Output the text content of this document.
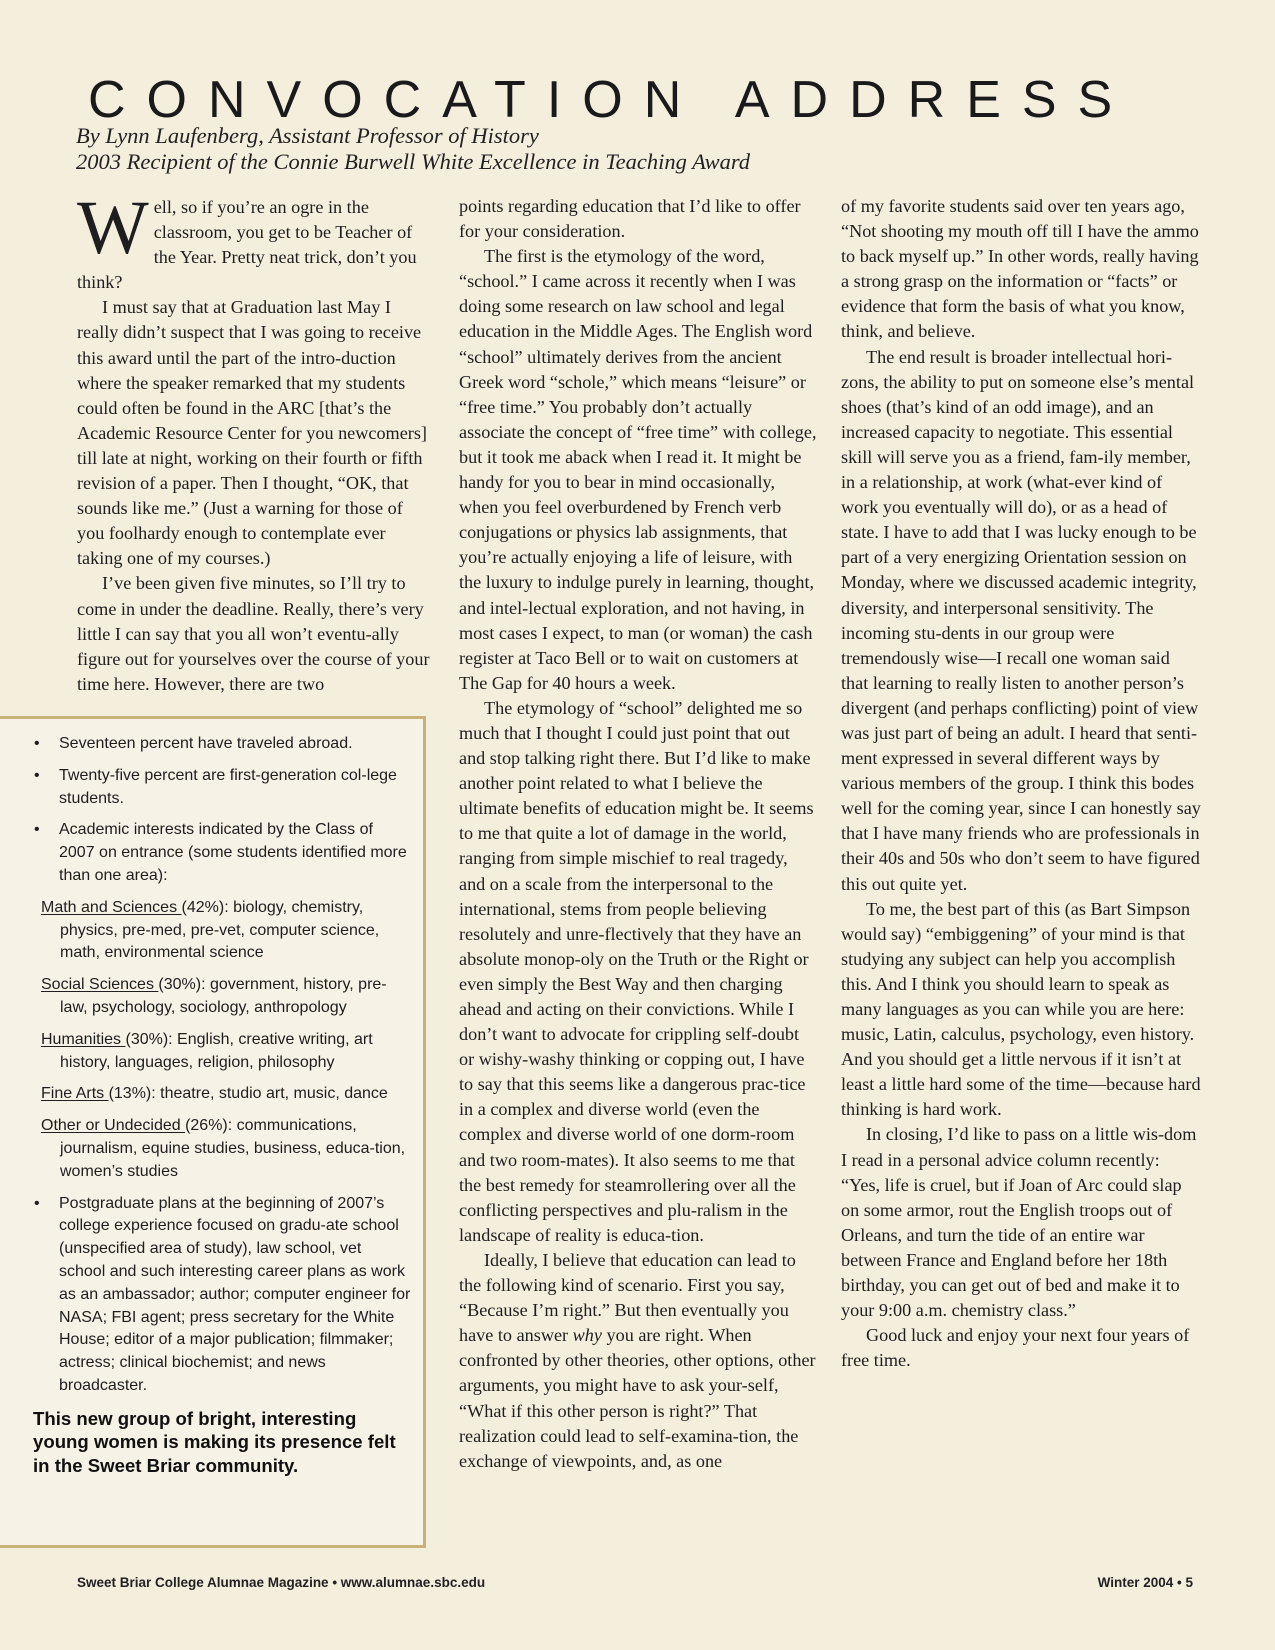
CONVOCATION ADDRESS
By Lynn Laufenberg, Assistant Professor of History
2003 Recipient of the Connie Burwell White Excellence in Teaching Award

Well, so if you’re an ogre in the classroom, you get to be Teacher of the Year. Pretty neat trick, don’t you think?

I must say that at Graduation last May I really didn’t suspect that I was going to receive this award until the part of the intro-duction where the speaker remarked that my students could often be found in the ARC [that’s the Academic Resource Center for you newcomers] till late at night, working on their fourth or fifth revision of a paper. Then I thought, “OK, that sounds like me.” (Just a warning for those of you foolhardy enough to contemplate ever taking one of my courses.)

I’ve been given five minutes, so I’ll try to come in under the deadline. Really, there’s very little I can say that you all won’t eventu-ally figure out for yourselves over the course of your time here. However, there are two

points regarding education that I’d like to offer for your consideration.

The first is the etymology of the word, “school.” I came across it recently when I was doing some research on law school and legal education in the Middle Ages. The English word “school” ultimately derives from the ancient Greek word “schole,” which means “leisure” or “free time.” You probably don’t actually associate the concept of “free time” with college, but it took me aback when I read it. It might be handy for you to bear in mind occasionally, when you feel overburdened by French verb conjugations or physics lab assignments, that you’re actually enjoying a life of leisure, with the luxury to indulge purely in learning, thought, and intel-lectual exploration, and not having, in most cases I expect, to man (or woman) the cash register at Taco Bell or to wait on customers at The Gap for 40 hours a week.

The etymology of “school” delighted me so much that I thought I could just point that out and stop talking right there. But I’d like to make another point related to what I believe the ultimate benefits of education might be. It seems to me that quite a lot of damage in the world, ranging from simple mischief to real tragedy, and on a scale from the interpersonal to the international, stems from people believing resolutely and unre-flectively that they have an absolute monop-oly on the Truth or the Right or even simply the Best Way and then charging ahead and acting on their convictions. While I don’t want to advocate for crippling self-doubt or wishy-washy thinking or copping out, I have to say that this seems like a dangerous prac-tice in a complex and diverse world (even the complex and diverse world of one dorm-room and two room-mates). It also seems to me that the best remedy for steamrollering over all the conflicting perspectives and plu-ralism in the landscape of reality is educa-tion.

Ideally, I believe that education can lead to the following kind of scenario. First you say, “Because I’m right.” But then eventually you have to answer why you are right. When confronted by other theories, other options, other arguments, you might have to ask your-self, “What if this other person is right?” That realization could lead to self-examina-tion, the exchange of viewpoints, and, as one

of my favorite students said over ten years ago, “Not shooting my mouth off till I have the ammo to back myself up.” In other words, really having a strong grasp on the information or “facts” or evidence that form the basis of what you know, think, and believe.

The end result is broader intellectual hori-zons, the ability to put on someone else’s mental shoes (that’s kind of an odd image), and an increased capacity to negotiate. This essential skill will serve you as a friend, fam-ily member, in a relationship, at work (what-ever kind of work you eventually will do), or as a head of state. I have to add that I was lucky enough to be part of a very energizing Orientation session on Monday, where we discussed academic integrity, diversity, and interpersonal sensitivity. The incoming stu-dents in our group were tremendously wise—I recall one woman said that learning to really listen to another person’s divergent (and perhaps conflicting) point of view was just part of being an adult. I heard that senti-ment expressed in several different ways by various members of the group. I think this bodes well for the coming year, since I can honestly say that I have many friends who are professionals in their 40s and 50s who don’t seem to have figured this out quite yet.

To me, the best part of this (as Bart Simpson would say) “embiggening” of your mind is that studying any subject can help you accomplish this. And I think you should learn to speak as many languages as you can while you are here: music, Latin, calculus, psychology, even history. And you should get a little nervous if it isn’t at least a little hard some of the time—because hard thinking is hard work.

In closing, I’d like to pass on a little wis-dom I read in a personal advice column recently: “Yes, life is cruel, but if Joan of Arc could slap on some armor, rout the English troops out of Orleans, and turn the tide of an entire war between France and England before her 18th birthday, you can get out of bed and make it to your 9:00 a.m. chemistry class.”

Good luck and enjoy your next four years of free time.

• Seventeen percent have traveled abroad.
• Twenty-five percent are first-generation col-lege students.
• Academic interests indicated by the Class of 2007 on entrance (some students identified more than one area):
Math and Sciences (42%): biology, chemistry, physics, pre-med, pre-vet, computer science, math, environmental science
Social Sciences (30%): government, history, pre-law, psychology, sociology, anthropology
Humanities (30%): English, creative writing, art history, languages, religion, philosophy
Fine Arts (13%): theatre, studio art, music, dance
Other or Undecided (26%): communications, journalism, equine studies, business, educa-tion, women’s studies
• Postgraduate plans at the beginning of 2007’s college experience focused on gradu-ate school (unspecified area of study), law school, vet school and such interesting career plans as work as an ambassador; author; computer engineer for NASA; FBI agent; press secretary for the White House; editor of a major publication; filmmaker; actress; clinical biochemist; and news broadcaster.
This new group of bright, interesting young women is making its presence felt in the Sweet Briar community.
Sweet Briar College Alumnae Magazine • www.alumnae.sbc.edu	Winter 2004 • 5
